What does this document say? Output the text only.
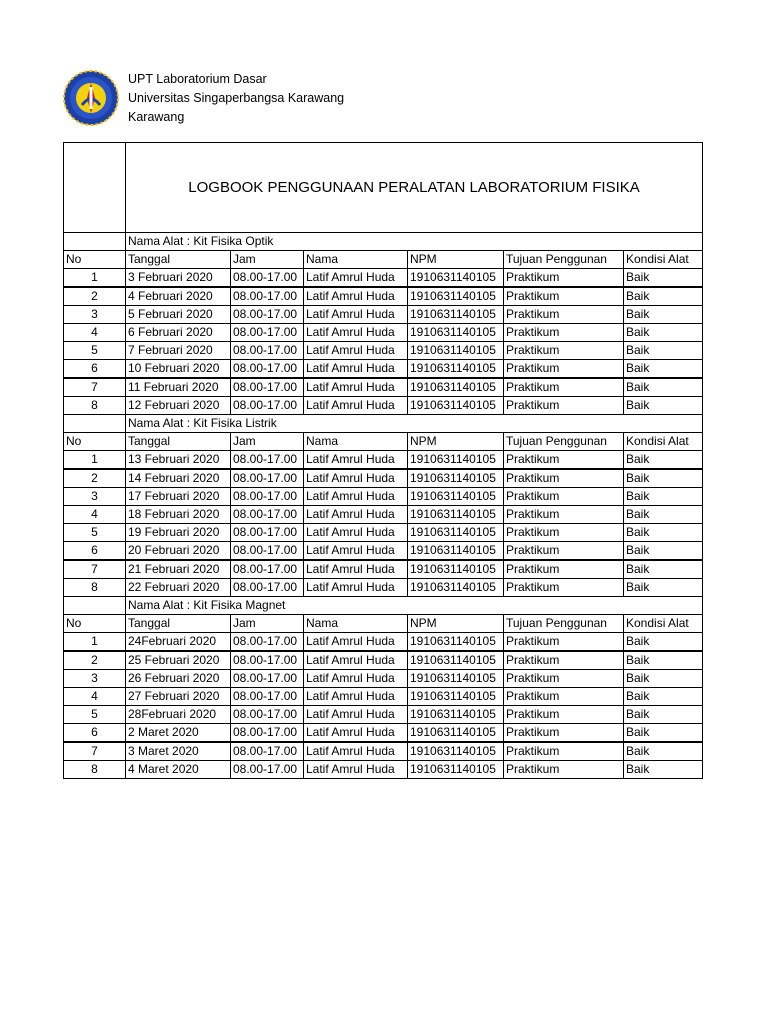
UPT Laboratorium Dasar
Universitas Singaperbangsa Karawang
Karawang
	LOGBOOK PENGGUNAAN PERALATAN LABORATORIUM FISIKA					
	Nama Alat : Kit Fisika Optik					
No	Tanggal	Jam	Nama	NPM	Tujuan Penggunan	Kondisi Alat
1	3 Februari 2020	08.00-17.00	Latif Amrul Huda	1910631140105	Praktikum	Baik
2	4 Februari 2020	08.00-17.00	Latif Amrul Huda	1910631140105	Praktikum	Baik
3	5 Februari 2020	08.00-17.00	Latif Amrul Huda	1910631140105	Praktikum	Baik
4	6 Februari 2020	08.00-17.00	Latif Amrul Huda	1910631140105	Praktikum	Baik
5	7 Februari 2020	08.00-17.00	Latif Amrul Huda	1910631140105	Praktikum	Baik
6	10 Februari 2020	08.00-17.00	Latif Amrul Huda	1910631140105	Praktikum	Baik
7	11 Februari 2020	08.00-17.00	Latif Amrul Huda	1910631140105	Praktikum	Baik
8	12 Februari 2020	08.00-17.00	Latif Amrul Huda	1910631140105	Praktikum	Baik
	Nama Alat : Kit Fisika Listrik					
No	Tanggal	Jam	Nama	NPM	Tujuan Penggunan	Kondisi Alat
1	13 Februari 2020	08.00-17.00	Latif Amrul Huda	1910631140105	Praktikum	Baik
2	14 Februari 2020	08.00-17.00	Latif Amrul Huda	1910631140105	Praktikum	Baik
3	17 Februari 2020	08.00-17.00	Latif Amrul Huda	1910631140105	Praktikum	Baik
4	18 Februari 2020	08.00-17.00	Latif Amrul Huda	1910631140105	Praktikum	Baik
5	19 Februari 2020	08.00-17.00	Latif Amrul Huda	1910631140105	Praktikum	Baik
6	20 Februari 2020	08.00-17.00	Latif Amrul Huda	1910631140105	Praktikum	Baik
7	21 Februari 2020	08.00-17.00	Latif Amrul Huda	1910631140105	Praktikum	Baik
8	22 Februari 2020	08.00-17.00	Latif Amrul Huda	1910631140105	Praktikum	Baik
	Nama Alat : Kit Fisika Magnet					
No	Tanggal	Jam	Nama	NPM	Tujuan Penggunan	Kondisi Alat
1	24Februari 2020	08.00-17.00	Latif Amrul Huda	1910631140105	Praktikum	Baik
2	25 Februari 2020	08.00-17.00	Latif Amrul Huda	1910631140105	Praktikum	Baik
3	26 Februari 2020	08.00-17.00	Latif Amrul Huda	1910631140105	Praktikum	Baik
4	27 Februari 2020	08.00-17.00	Latif Amrul Huda	1910631140105	Praktikum	Baik
5	28Februari 2020	08.00-17.00	Latif Amrul Huda	1910631140105	Praktikum	Baik
6	2 Maret 2020	08.00-17.00	Latif Amrul Huda	1910631140105	Praktikum	Baik
7	3 Maret 2020	08.00-17.00	Latif Amrul Huda	1910631140105	Praktikum	Baik
8	4 Maret 2020	08.00-17.00	Latif Amrul Huda	1910631140105	Praktikum	Baik
